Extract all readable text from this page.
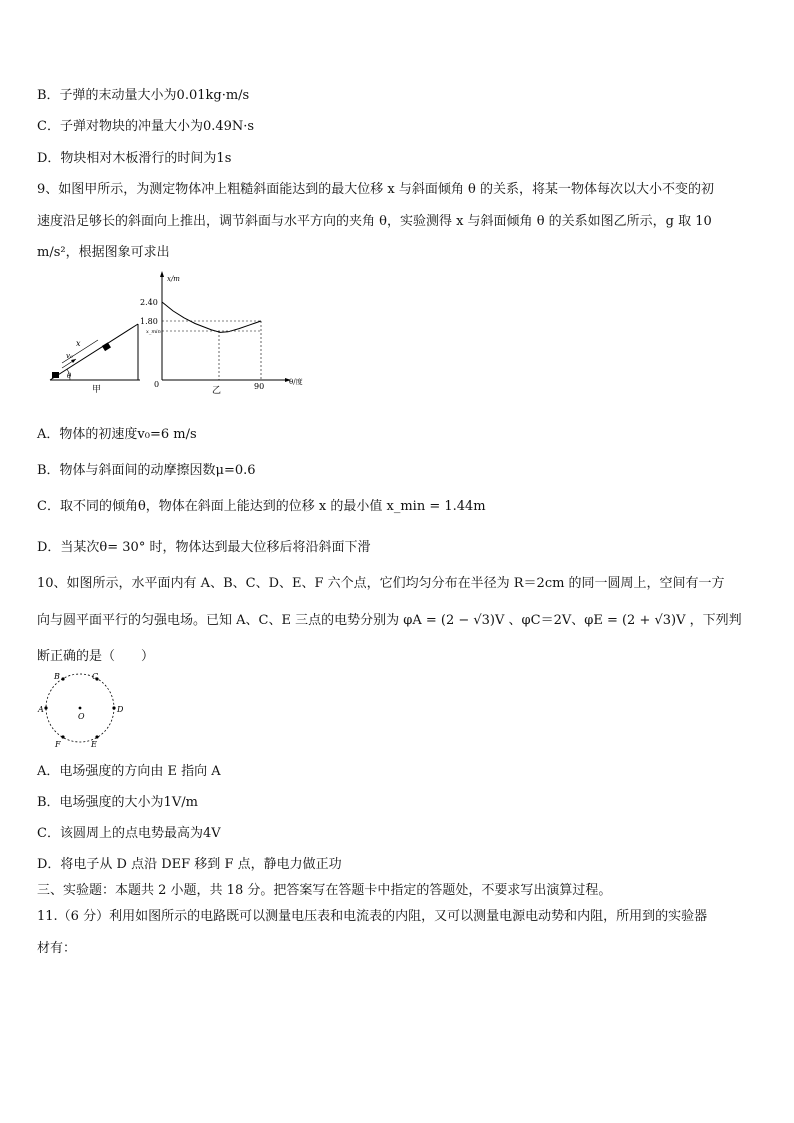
B．子弹的末动量大小为0.01kg·m/s
C．子弹对物块的冲量大小为0.49N·s
D．物块相对木板滑行的时间为1s
9、如图甲所示，为测定物体冲上粗糙斜面能达到的最大位移 x 与斜面倾角 θ 的关系，将某一物体每次以大小不变的初
速度沿足够长的斜面向上推出，调节斜面与水平方向的夹角 θ，实验测得 x 与斜面倾角 θ 的关系如图乙所示，g 取 10
m/s²，根据图象可求出
x
v₀
θ
甲
x/m
θ/度
2.40
1.80
x_min
0	90
乙
A．物体的初速度v₀=6 m/s
B．物体与斜面间的动摩擦因数μ=0.6
C．取不同的倾角θ，物体在斜面上能达到的位移 x 的最小值 x_min = 1.44m
D．当某次θ= 30° 时，物体达到最大位移后将沿斜面下滑
10、如图所示，水平面内有 A、B、C、D、E、F 六个点，它们均匀分布在半径为 R＝2cm 的同一圆周上，空间有一方
向与圆平面平行的匀强电场。已知 A、C、E 三点的电势分别为 φA = (2 − √3)V 、φC＝2V、φE = (2 + √3)V ，下列判
断正确的是（　　）
A
B	C
D
E
F
O
A．电场强度的方向由 E 指向 A
B．电场强度的大小为1V/m
C．该圆周上的点电势最高为4V
D．将电子从 D 点沿 DEF 移到 F 点，静电力做正功
三、实验题：本题共 2 小题，共 18 分。把答案写在答题卡中指定的答题处，不要求写出演算过程。
11.（6 分）利用如图所示的电路既可以测量电压表和电流表的内阻，又可以测量电源电动势和内阻，所用到的实验器
材有：
